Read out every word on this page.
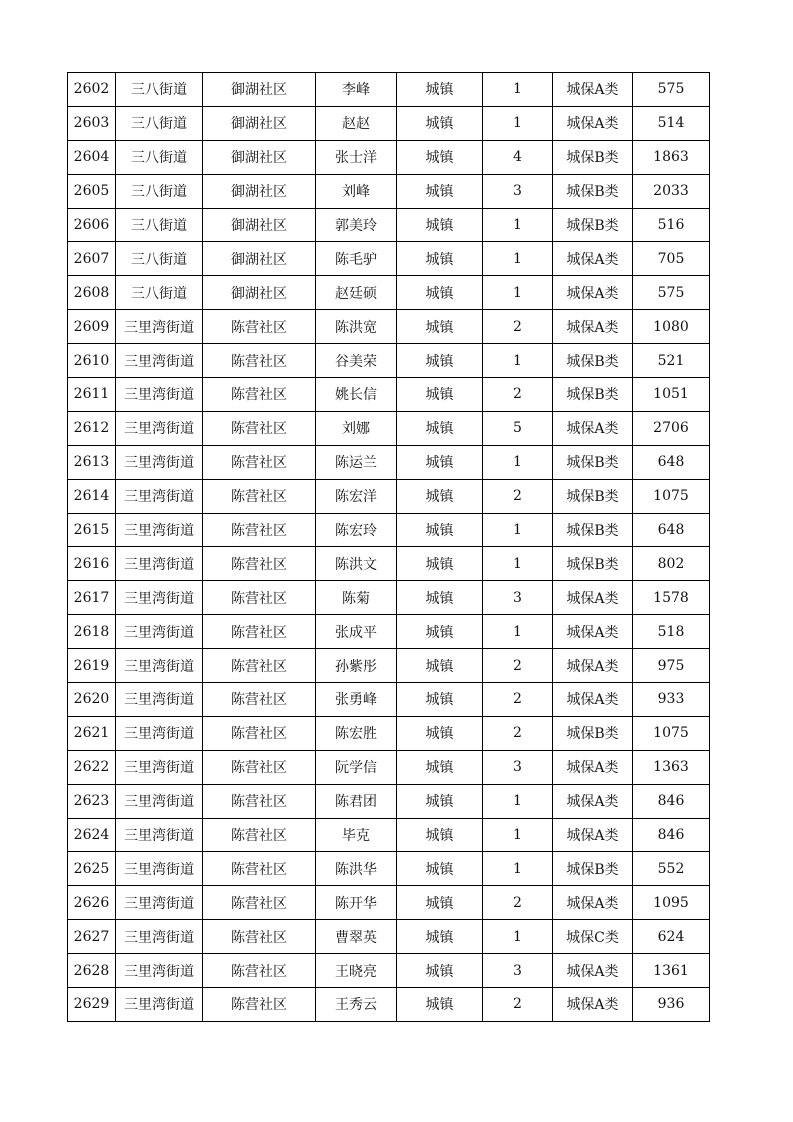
2602	三八街道	御湖社区	李峰	城镇	1	城保A类	575
2603	三八街道	御湖社区	赵赵	城镇	1	城保A类	514
2604	三八街道	御湖社区	张士洋	城镇	4	城保B类	1863
2605	三八街道	御湖社区	刘峰	城镇	3	城保B类	2033
2606	三八街道	御湖社区	郭美玲	城镇	1	城保B类	516
2607	三八街道	御湖社区	陈毛驴	城镇	1	城保A类	705
2608	三八街道	御湖社区	赵廷硕	城镇	1	城保A类	575
2609	三里湾街道	陈营社区	陈洪宽	城镇	2	城保A类	1080
2610	三里湾街道	陈营社区	谷美荣	城镇	1	城保B类	521
2611	三里湾街道	陈营社区	姚长信	城镇	2	城保B类	1051
2612	三里湾街道	陈营社区	刘娜	城镇	5	城保A类	2706
2613	三里湾街道	陈营社区	陈运兰	城镇	1	城保B类	648
2614	三里湾街道	陈营社区	陈宏洋	城镇	2	城保B类	1075
2615	三里湾街道	陈营社区	陈宏玲	城镇	1	城保B类	648
2616	三里湾街道	陈营社区	陈洪文	城镇	1	城保B类	802
2617	三里湾街道	陈营社区	陈菊	城镇	3	城保A类	1578
2618	三里湾街道	陈营社区	张成平	城镇	1	城保A类	518
2619	三里湾街道	陈营社区	孙紫彤	城镇	2	城保A类	975
2620	三里湾街道	陈营社区	张勇峰	城镇	2	城保A类	933
2621	三里湾街道	陈营社区	陈宏胜	城镇	2	城保B类	1075
2622	三里湾街道	陈营社区	阮学信	城镇	3	城保A类	1363
2623	三里湾街道	陈营社区	陈君团	城镇	1	城保A类	846
2624	三里湾街道	陈营社区	毕克	城镇	1	城保A类	846
2625	三里湾街道	陈营社区	陈洪华	城镇	1	城保B类	552
2626	三里湾街道	陈营社区	陈开华	城镇	2	城保A类	1095
2627	三里湾街道	陈营社区	曹翠英	城镇	1	城保C类	624
2628	三里湾街道	陈营社区	王晓亮	城镇	3	城保A类	1361
2629	三里湾街道	陈营社区	王秀云	城镇	2	城保A类	936
